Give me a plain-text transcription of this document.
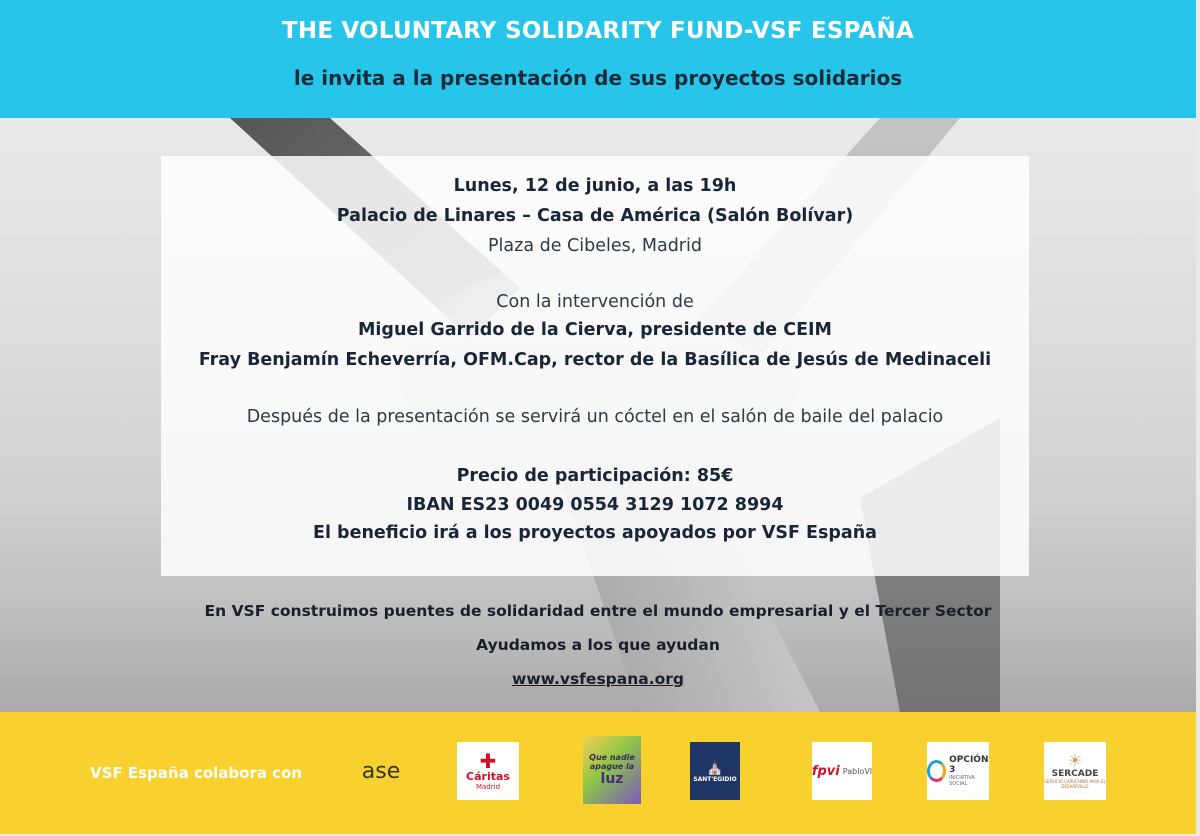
THE VOLUNTARY SOLIDARITY FUND-VSF ESPAÑA
le invita a la presentación de sus proyectos solidarios
Lunes, 12 de junio, a las 19h
Palacio de Linares – Casa de América (Salón Bolívar)
Plaza de Cibeles, Madrid
Con la intervención de
Miguel Garrido de la Cierva, presidente de CEIM
Fray Benjamín Echeverría, OFM.Cap, rector de la Basílica de Jesús de Medinaceli
Después de la presentación se servirá un cóctel en el salón de baile del palacio
Precio de participación: 85€
IBAN ES23 0049 0554 3129 1072 8994
El beneficio irá a los proyectos apoyados por VSF España
En VSF construimos puentes de solidaridad entre el mundo empresarial y el Tercer Sector
Ayudamos a los que ayudan
www.vsfespana.org
VSF España colabora con	ase	✚
Cáritas
Madrid
Que nadie
apague la
luz
⛪
SANT'EGIDIO
fpvi PabloVI
OPCIÓN 3
INICIATIVA SOCIAL
☀
SERCADE
SERVICIO CAPUCHINO PARA EL DESARROLLO
